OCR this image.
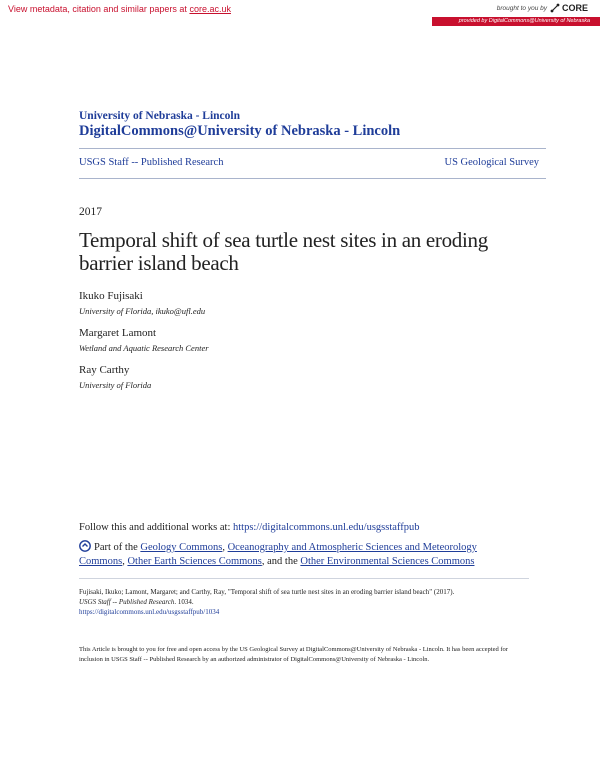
View metadata, citation and similar papers at core.ac.uk	brought to you by CORE
provided by DigitalCommons@University of Nebraska
University of Nebraska - Lincoln
DigitalCommons@University of Nebraska - Lincoln
USGS Staff -- Published Research	US Geological Survey
2017
Temporal shift of sea turtle nest sites in an eroding barrier island beach
Ikuko Fujisaki
University of Florida, ikuko@ufl.edu
Margaret Lamont
Wetland and Aquatic Research Center
Ray Carthy
University of Florida
Follow this and additional works at: https://digitalcommons.unl.edu/usgsstaffpub
Part of the Geology Commons, Oceanography and Atmospheric Sciences and Meteorology Commons, Other Earth Sciences Commons, and the Other Environmental Sciences Commons
Fujisaki, Ikuko; Lamont, Margaret; and Carthy, Ray, "Temporal shift of sea turtle nest sites in an eroding barrier island beach" (2017).
USGS Staff -- Published Research. 1034.
https://digitalcommons.unl.edu/usgsstaffpub/1034
This Article is brought to you for free and open access by the US Geological Survey at DigitalCommons@University of Nebraska - Lincoln. It has been accepted for inclusion in USGS Staff -- Published Research by an authorized administrator of DigitalCommons@University of Nebraska - Lincoln.
